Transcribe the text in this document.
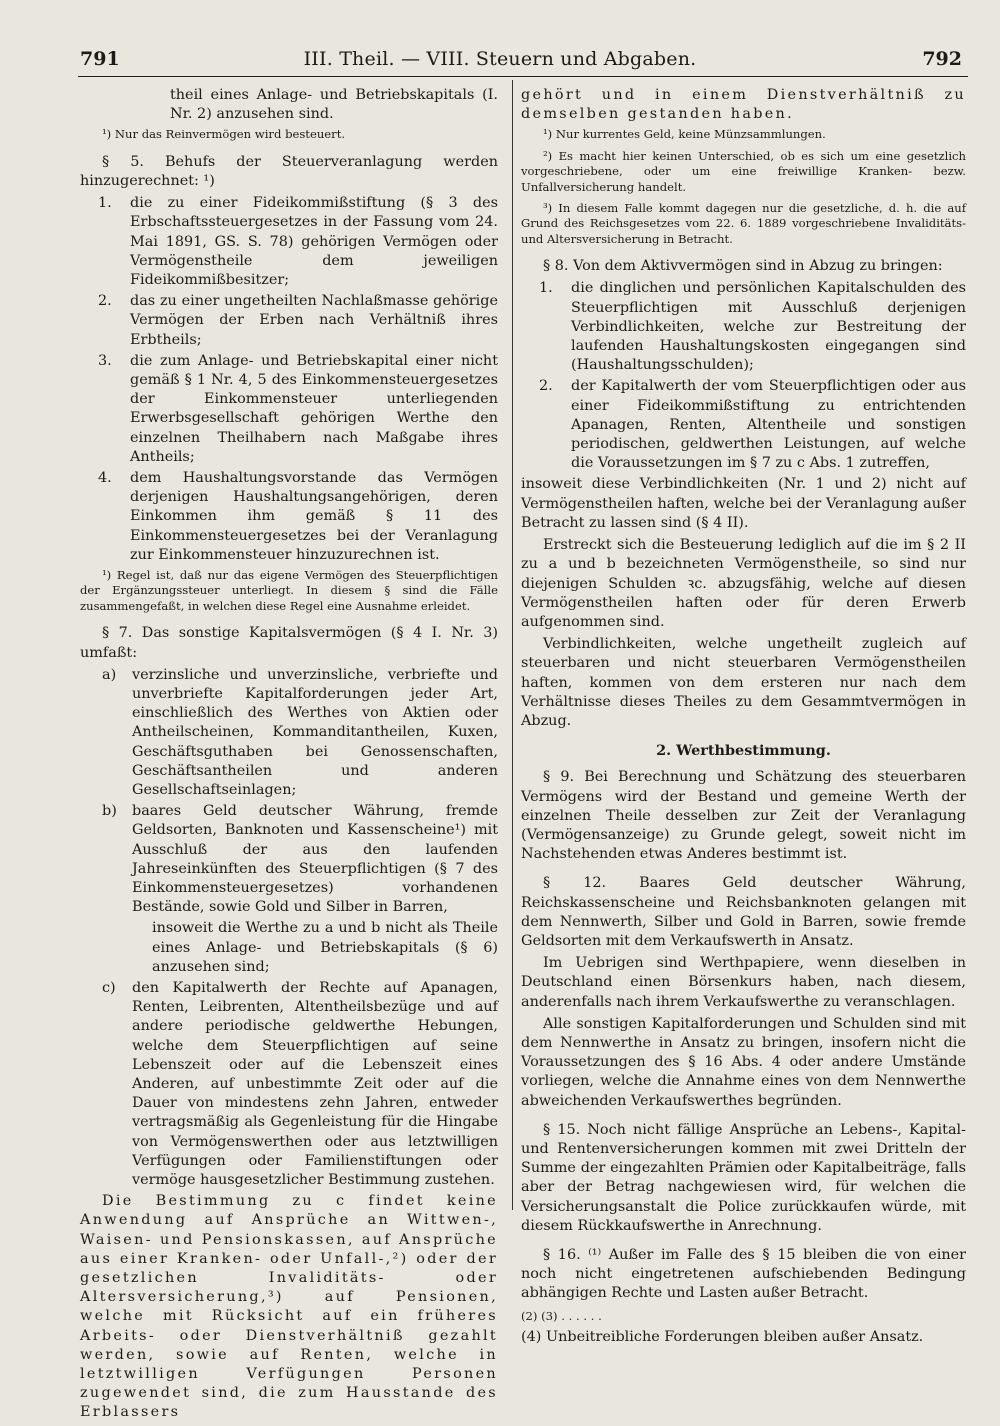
791	III. Theil. — VIII. Steuern und Abgaben.	792

theil eines Anlage- und Betriebskapitals (I. Nr. 2) anzusehen sind.

¹) Nur das Reinvermögen wird besteuert.

§ 5. Behufs der Steuerveranlagung werden hinzugerechnet: ¹)

1. die zu einer Fideikommißstiftung (§ 3 des Erbschaftssteuergesetzes in der Fassung vom 24. Mai 1891, GS. S. 78) gehörigen Vermögen oder Vermögenstheile dem jeweiligen Fideikommißbesitzer;
2. das zu einer ungetheilten Nachlaßmasse gehörige Vermögen der Erben nach Verhältniß ihres Erbtheils;
3. die zum Anlage- und Betriebskapital einer nicht gemäß § 1 Nr. 4, 5 des Einkommensteuergesetzes der Einkommensteuer unterliegenden Erwerbsgesellschaft gehörigen Werthe den einzelnen Theilhabern nach Maßgabe ihres Antheils;
4. dem Haushaltungsvorstande das Vermögen derjenigen Haushaltungsangehörigen, deren Einkommen ihm gemäß § 11 des Einkommensteuergesetzes bei der Veranlagung zur Einkommensteuer hinzuzurechnen ist.

¹) Regel ist, daß nur das eigene Vermögen des Steuerpflichtigen der Ergänzungssteuer unterliegt. In diesem § sind die Fälle zusammengefaßt, in welchen diese Regel eine Ausnahme erleidet.

§ 7. Das sonstige Kapitalsvermögen (§ 4 I. Nr. 3) umfaßt:

a) verzinsliche und unverzinsliche, verbriefte und unverbriefte Kapitalforderungen jeder Art, einschließlich des Werthes von Aktien oder Antheilscheinen, Kommanditantheilen, Kuxen, Geschäftsguthaben bei Genossenschaften, Geschäftsantheilen und anderen Gesellschaftseinlagen;
b) baares Geld deutscher Währung, fremde Geldsorten, Banknoten und Kassenscheine¹) mit Ausschluß der aus den laufenden Jahreseinkünften des Steuerpflichtigen (§ 7 des Einkommensteuergesetzes) vorhandenen Bestände, sowie Gold und Silber in Barren,

insoweit die Werthe zu a und b nicht als Theile eines Anlage- und Betriebskapitals (§ 6) anzusehen sind;

c) den Kapitalwerth der Rechte auf Apanagen, Renten, Leibrenten, Altentheilsbezüge und auf andere periodische geldwerthe Hebungen, welche dem Steuerpflichtigen auf seine Lebenszeit oder auf die Lebenszeit eines Anderen, auf unbestimmte Zeit oder auf die Dauer von mindestens zehn Jahren, entweder vertragsmäßig als Gegenleistung für die Hingabe von Vermögenswerthen oder aus letztwilligen Verfügungen oder Familienstiftungen oder vermöge hausgesetzlicher Bestimmung zustehen.

Die Bestimmung zu c findet keine Anwendung auf Ansprüche an Wittwen-, Waisen- und Pensionskassen, auf Ansprüche aus einer Kranken- oder Unfall-,²) oder der gesetzlichen Invaliditäts- oder Altersversicherung,³) auf Pensionen, welche mit Rücksicht auf ein früheres Arbeits- oder Dienstverhältniß gezahlt werden, sowie auf Renten, welche in letztwilligen Verfügungen Personen zugewendet sind, die zum Hausstande des Erblassers

gehört und in einem Dienstverhältniß zu demselben gestanden haben.

¹) Nur kurrentes Geld, keine Münzsammlungen.

²) Es macht hier keinen Unterschied, ob es sich um eine gesetzlich vorgeschriebene, oder um eine freiwillige Kranken- bezw. Unfallversicherung handelt.

³) In diesem Falle kommt dagegen nur die gesetzliche, d. h. die auf Grund des Reichsgesetzes vom 22. 6. 1889 vorgeschriebene Invaliditäts- und Altersversicherung in Betracht.

§ 8. Von dem Aktivvermögen sind in Abzug zu bringen:

1. die dinglichen und persönlichen Kapitalschulden des Steuerpflichtigen mit Ausschluß derjenigen Verbindlichkeiten, welche zur Bestreitung der laufenden Haushaltungskosten eingegangen sind (Haushaltungsschulden);
2. der Kapitalwerth der vom Steuerpflichtigen oder aus einer Fideikommißstiftung zu entrichtenden Apanagen, Renten, Altentheile und sonstigen periodischen, geldwerthen Leistungen, auf welche die Voraussetzungen im § 7 zu c Abs. 1 zutreffen,

insoweit diese Verbindlichkeiten (Nr. 1 und 2) nicht auf Vermögenstheilen haften, welche bei der Veranlagung außer Betracht zu lassen sind (§ 4 II).

Erstreckt sich die Besteuerung lediglich auf die im § 2 II zu a und b bezeichneten Vermögenstheile, so sind nur diejenigen Schulden ꝛc. abzugsfähig, welche auf diesen Vermögenstheilen haften oder für deren Erwerb aufgenommen sind.

Verbindlichkeiten, welche ungetheilt zugleich auf steuerbaren und nicht steuerbaren Vermögenstheilen haften, kommen von dem ersteren nur nach dem Verhältnisse dieses Theiles zu dem Gesammtvermögen in Abzug.

2. Werthbestimmung.

§ 9. Bei Berechnung und Schätzung des steuerbaren Vermögens wird der Bestand und gemeine Werth der einzelnen Theile desselben zur Zeit der Veranlagung (Vermögensanzeige) zu Grunde gelegt, soweit nicht im Nachstehenden etwas Anderes bestimmt ist.

§ 12. Baares Geld deutscher Währung, Reichskassenscheine und Reichsbanknoten gelangen mit dem Nennwerth, Silber und Gold in Barren, sowie fremde Geldsorten mit dem Verkaufswerth in Ansatz.

Im Uebrigen sind Werthpapiere, wenn dieselben in Deutschland einen Börsenkurs haben, nach diesem, anderenfalls nach ihrem Verkaufswerthe zu veranschlagen.

Alle sonstigen Kapitalforderungen und Schulden sind mit dem Nennwerthe in Ansatz zu bringen, insofern nicht die Voraussetzungen des § 16 Abs. 4 oder andere Umstände vorliegen, welche die Annahme eines von dem Nennwerthe abweichenden Verkaufswerthes begründen.

§ 15. Noch nicht fällige Ansprüche an Lebens-, Kapital- und Rentenversicherungen kommen mit zwei Dritteln der Summe der eingezahlten Prämien oder Kapitalbeiträge, falls aber der Betrag nachgewiesen wird, für welchen die Versicherungsanstalt die Police zurückkaufen würde, mit diesem Rückkaufswerthe in Anrechnung.

§ 16. ⁽¹⁾ Außer im Falle des § 15 bleiben die von einer noch nicht eingetretenen aufschiebenden Bedingung abhängigen Rechte und Lasten außer Betracht.

(2) (3) . . . . . .

(4) Unbeitreibliche Forderungen bleiben außer Ansatz.
